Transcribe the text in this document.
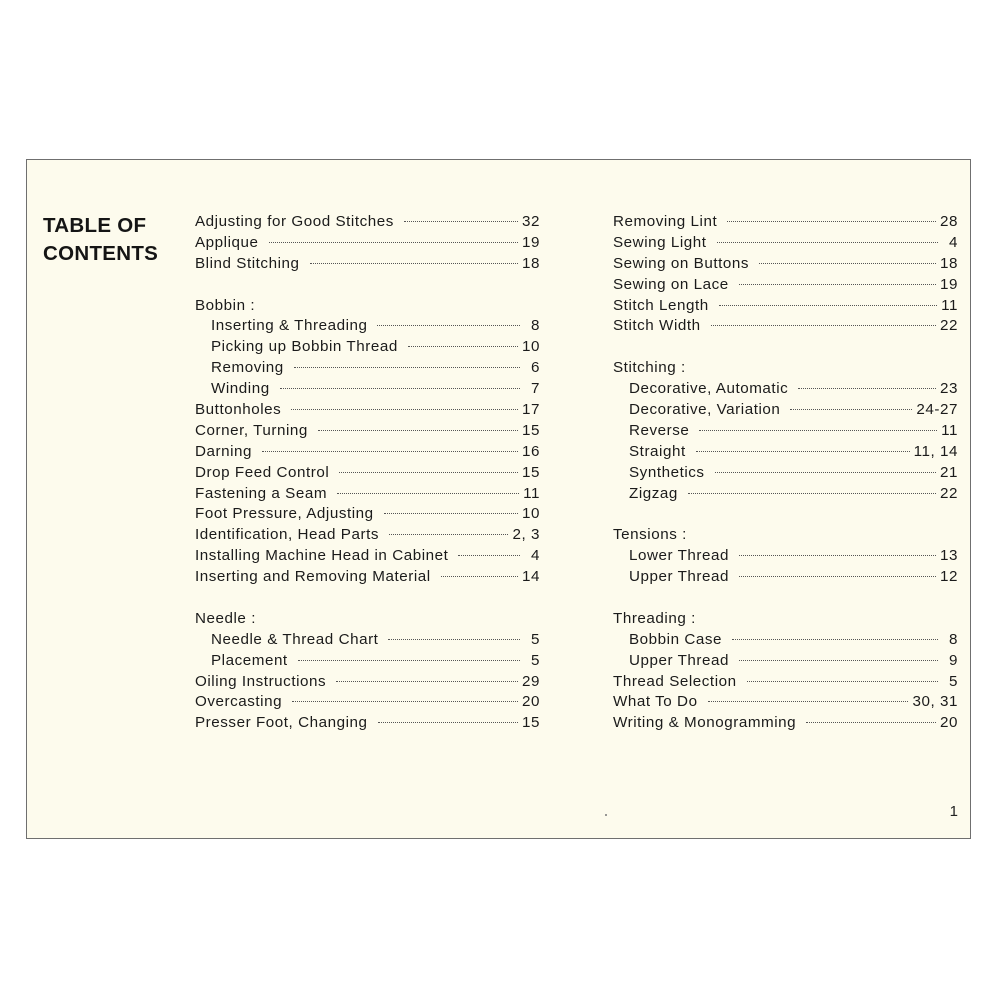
TABLE OF
CONTENTS
Adjusting for Good Stitches	32
Applique	19
Blind Stitching	18
Bobbin :
Inserting & Threading	8
Picking up Bobbin Thread	10
Removing	6
Winding	7
Buttonholes	17
Corner, Turning	15
Darning	16
Drop Feed Control	15
Fastening a Seam	11
Foot Pressure, Adjusting	10
Identification, Head Parts	2, 3
Installing Machine Head in Cabinet	4
Inserting and Removing Material	14
Needle :
Needle & Thread Chart	5
Placement	5
Oiling Instructions	29
Overcasting	20
Presser Foot, Changing	15
Removing Lint	28
Sewing Light	4
Sewing on Buttons	18
Sewing on Lace	19
Stitch Length	11
Stitch Width	22
Stitching :
Decorative, Automatic	23
Decorative, Variation	24-27
Reverse	11
Straight	11, 14
Synthetics	21
Zigzag	22
Tensions :
Lower Thread	13
Upper Thread	12
Threading :
Bobbin Case	8
Upper Thread	9
Thread Selection	5
What To Do	30, 31
Writing & Monogramming	20
1
